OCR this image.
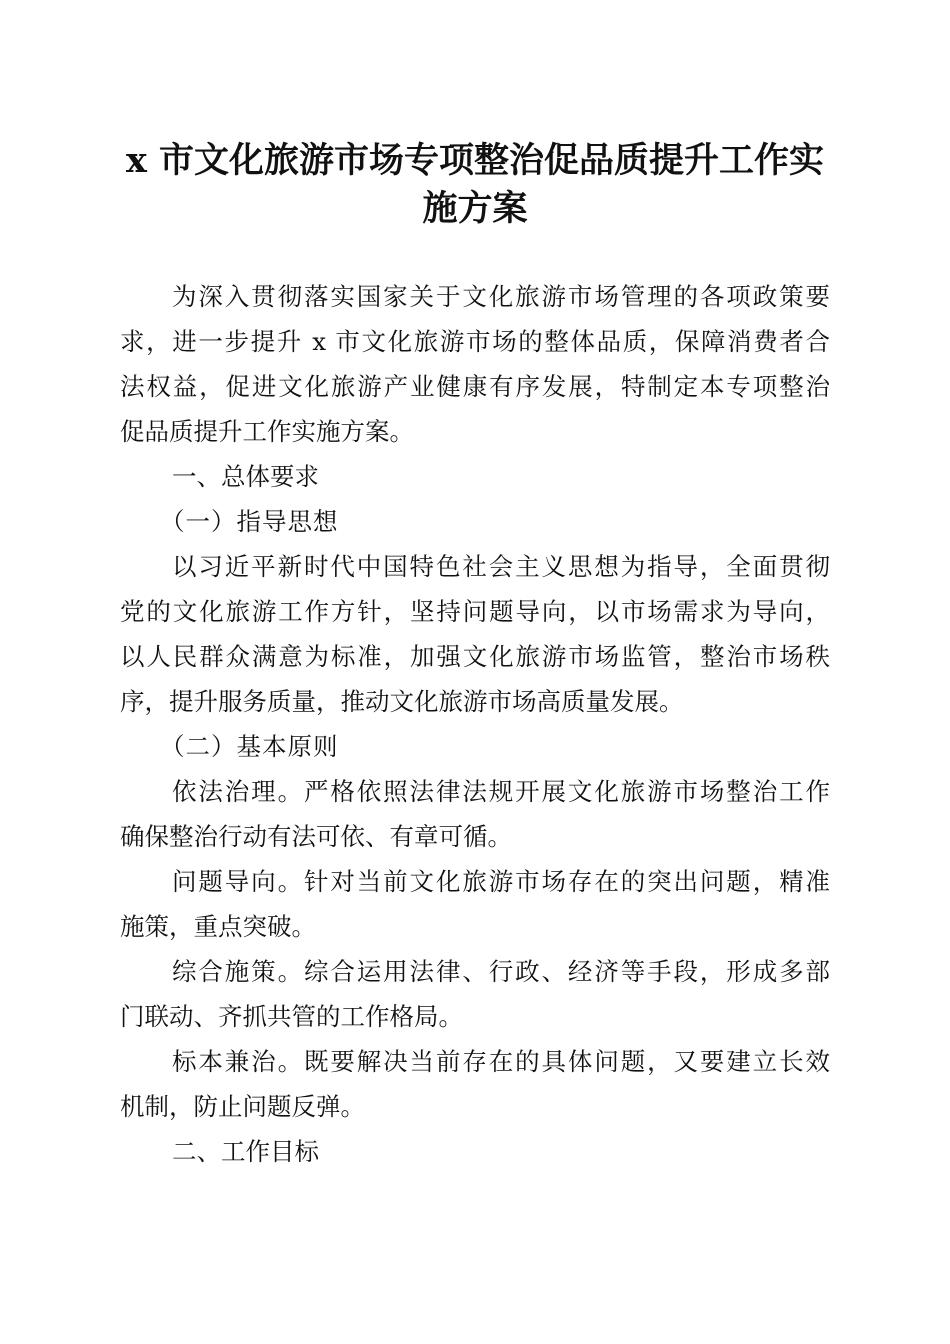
x 市文化旅游市场专项整治促品质提升工作实
施方案
为深入贯彻落实国家关于文化旅游市场管理的各项政策要
求，进一步提升 x 市文化旅游市场的整体品质，保障消费者合
法权益，促进文化旅游产业健康有序发展，特制定本专项整治
促品质提升工作实施方案。
一、总体要求
（一）指导思想
以习近平新时代中国特色社会主义思想为指导，全面贯彻
党的文化旅游工作方针，坚持问题导向，以市场需求为导向，
以人民群众满意为标准，加强文化旅游市场监管，整治市场秩
序，提升服务质量，推动文化旅游市场高质量发展。
（二）基本原则
依法治理。严格依照法律法规开展文化旅游市场整治工作
确保整治行动有法可依、有章可循。
问题导向。针对当前文化旅游市场存在的突出问题，精准
施策，重点突破。
综合施策。综合运用法律、行政、经济等手段，形成多部
门联动、齐抓共管的工作格局。
标本兼治。既要解决当前存在的具体问题，又要建立长效
机制，防止问题反弹。
二、工作目标
